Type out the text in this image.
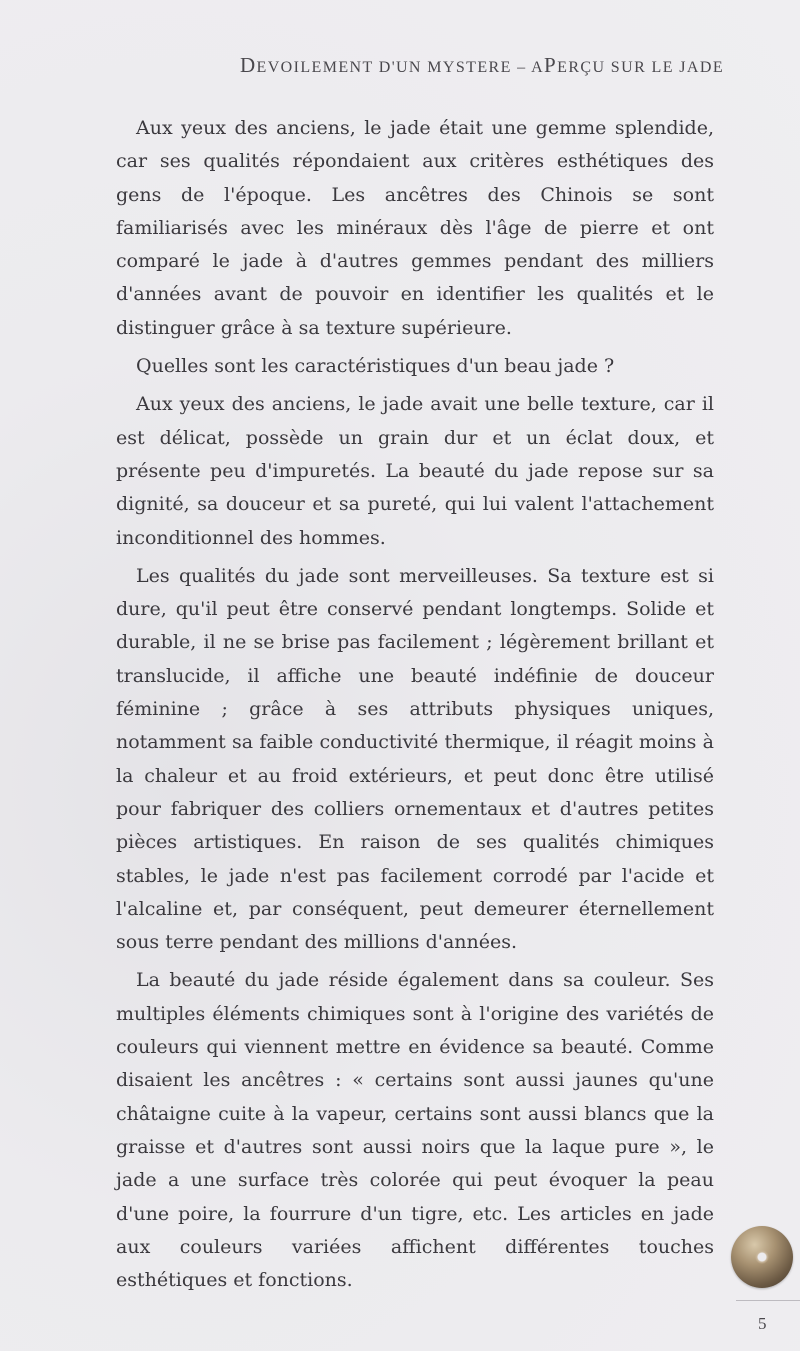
DEVOILEMENT D'UN MYSTERE – APERÇU SUR LE JADE

Aux yeux des anciens, le jade était une gemme splendide, car ses qualités répondaient aux critères esthétiques des gens de l'époque. Les ancêtres des Chinois se sont familiarisés avec les minéraux dès l'âge de pierre et ont comparé le jade à d'autres gemmes pendant des milliers d'années avant de pouvoir en identifier les qualités et le distinguer grâce à sa texture supérieure.

Quelles sont les caractéristiques d'un beau jade ?

Aux yeux des anciens, le jade avait une belle texture, car il est délicat, possède un grain dur et un éclat doux, et présente peu d'impuretés. La beauté du jade repose sur sa dignité, sa douceur et sa pureté, qui lui valent l'attachement inconditionnel des hommes.

Les qualités du jade sont merveilleuses. Sa texture est si dure, qu'il peut être conservé pendant longtemps. Solide et durable, il ne se brise pas facilement ; légèrement brillant et translucide, il affiche une beauté indéfinie de douceur féminine ; grâce à ses attributs physiques uniques, notamment sa faible conductivité thermique, il réagit moins à la chaleur et au froid extérieurs, et peut donc être utilisé pour fabriquer des colliers ornementaux et d'autres petites pièces artistiques. En raison de ses qualités chimiques stables, le jade n'est pas facilement corrodé par l'acide et l'alcaline et, par conséquent, peut demeurer éternellement sous terre pendant des millions d'années.

La beauté du jade réside également dans sa couleur. Ses multiples éléments chimiques sont à l'origine des variétés de couleurs qui viennent mettre en évidence sa beauté. Comme disaient les ancêtres : « certains sont aussi jaunes qu'une châtaigne cuite à la vapeur, certains sont aussi blancs que la graisse et d'autres sont aussi noirs que la laque pure », le jade a une surface très colorée qui peut évoquer la peau d'une poire, la fourrure d'un tigre, etc. Les articles en jade aux couleurs variées affichent différentes touches esthétiques et fonctions.

5
